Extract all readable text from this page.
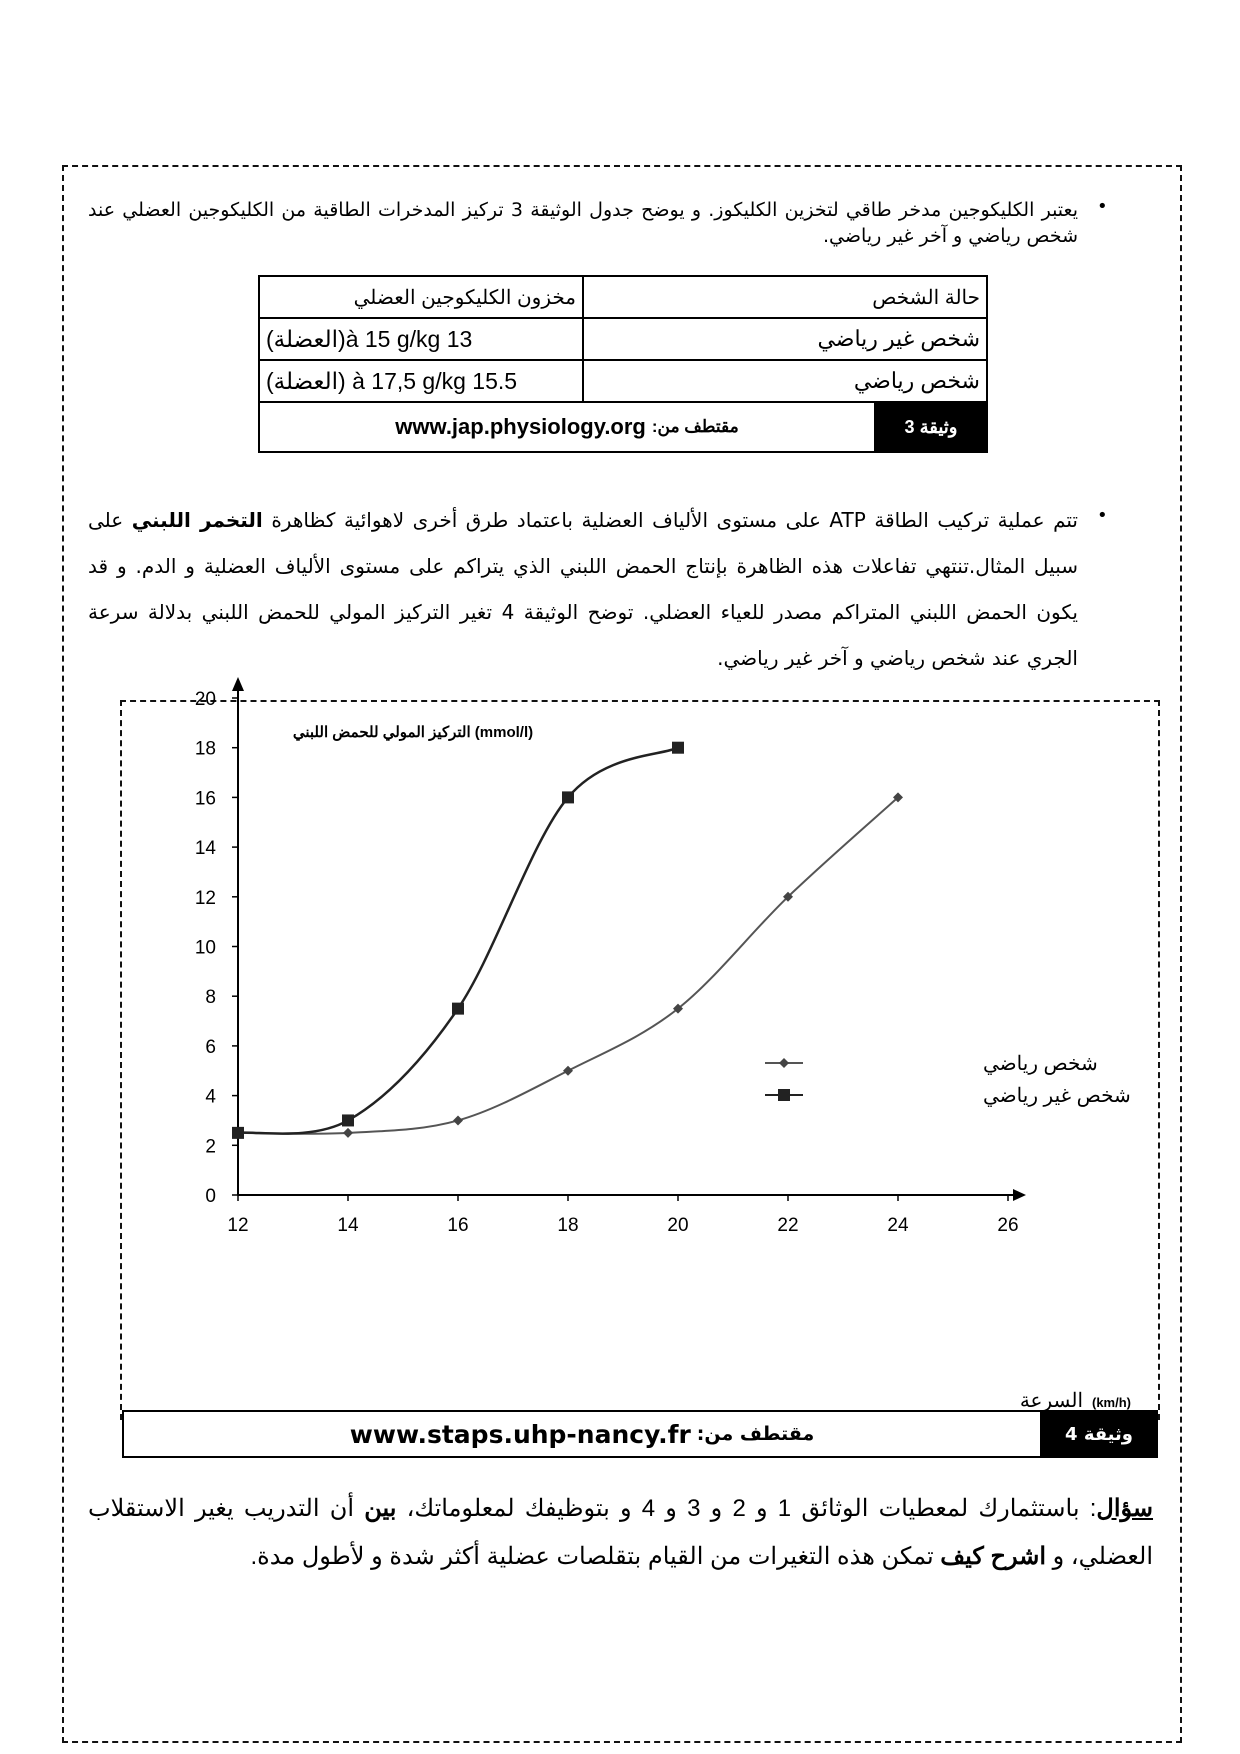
•

يعتبر الكليكوجين مدخر طاقي لتخزين الكليكوز. و يوضح جدول الوثيقة 3 تركيز المدخرات الطاقية من الكليكوجين العضلي عند شخص رياضي و آخر غير رياضي.

حالة الشخص	مخزون الكليكوجين العضلي
شخص غير رياضي	13 à 15 g/kg(العضلة)
شخص رياضي	15.5 à 17,5 g/kg (العضلة)

وثيقة 3
www.jap.physiology.org مقتطف من:	
•

تتم عملية تركيب الطاقة ATP على مستوى الألياف العضلية باعتماد طرق أخرى لاهوائية كظاهرة التخمر اللبني على سبيل المثال.تنتهي تفاعلات هذه الظاهرة بإنتاج الحمض اللبني الذي يتراكم على مستوى الألياف العضلية و الدم. و قد يكون الحمض اللبني المتراكم مصدر للعياء العضلي. توضح الوثيقة 4 تغير التركيز المولي للحمض اللبني بدلالة سرعة الجري عند شخص رياضي و آخر غير رياضي.

التركيز المولي للحمض اللبني (mmol/l)
0
2
4
6
8
10
12
14
16
18
20
12	14	16	18	20	22	24	26
شخص رياضي
شخص غير رياضي
السرعة (km/h)
وثيقة 4
www.staps.uhp-nancy.fr مقتطف من:

سؤال: باستثمارك لمعطيات الوثائق 1 و 2 و 3 و 4 و بتوظيفك لمعلوماتك، بين أن التدريب يغير الاستقلاب العضلي، و اشرح كيف تمكن هذه التغيرات من القيام بتقلصات عضلية أكثر شدة و لأطول مدة.
